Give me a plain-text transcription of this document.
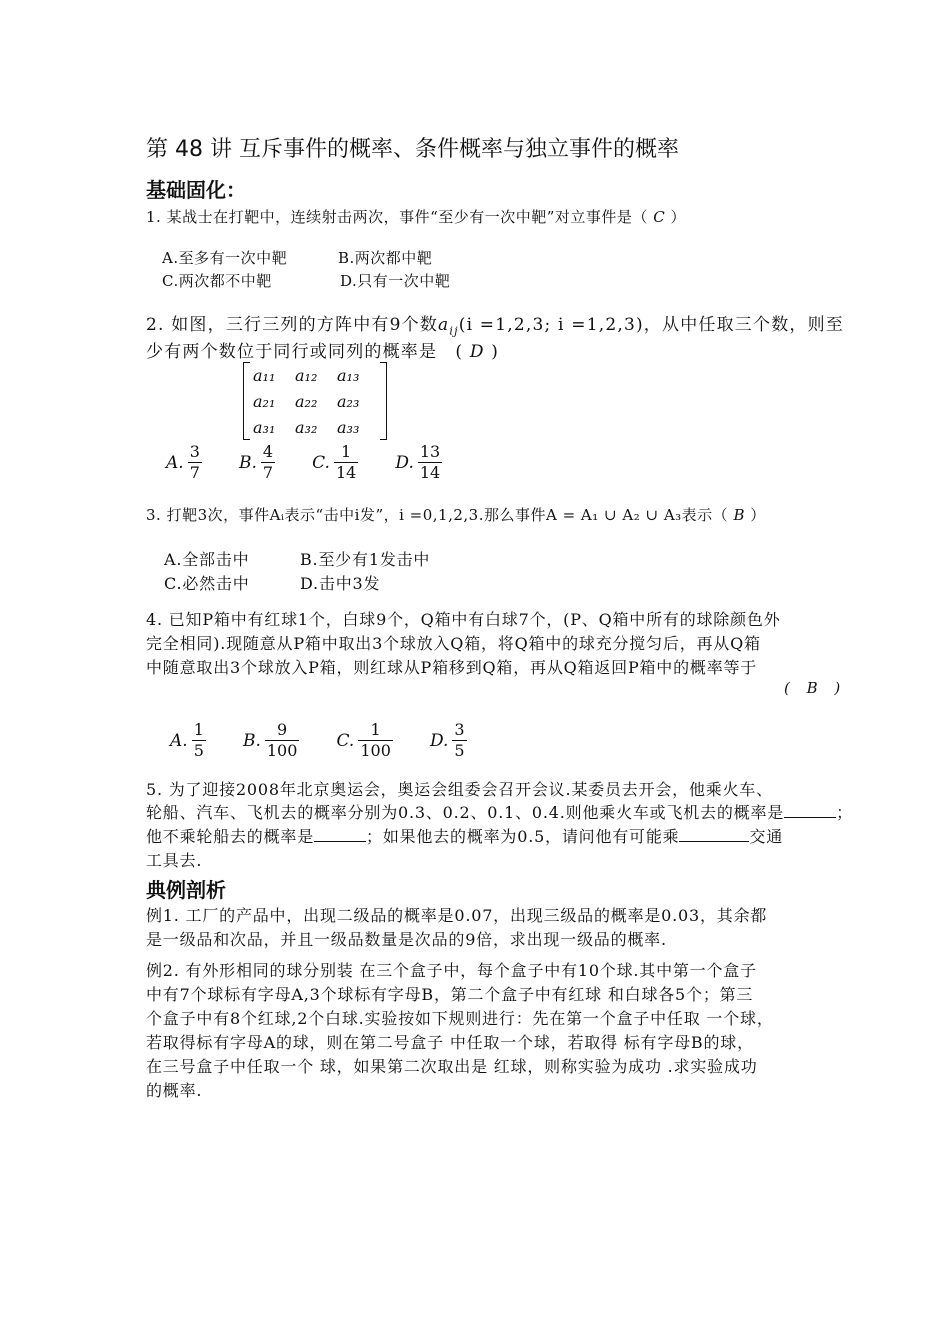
第 48 讲 互斥事件的概率、条件概率与独立事件的概率
基础固化：
1. 某战士在打靶中，连续射击两次，事件“至少有一次中靶”对立事件是（ C ）
A.至多有一次中靶	B.两次都中靶
C.两次都不中靶	D.只有一次中靶
2. 如图，三行三列的方阵中有9个数$a_{ij}(i =1,2,3$; i =1,2,3)，从中任取三个数，则至
少有两个数位于同行或同列的概率是　( D )
a₁₁	a₁₂	a₁₃
a₂₁	a₂₂	a₂₃
a₃₁	a₃₂	a₃₃
A. $\frac{3}{7}$
B. $\frac{4}{7}$
C. $\frac{1}{14}$
D. $\frac{13}{14}$
3. 打靶3次，事件Aᵢ表示“击中i发”，i =0,1,2,3.那么事件A = A₁ ∪ A₂ ∪ A₃表示（ B ）
A.全部击中	B.至少有1发击中
C.必然击中	D.击中3发
4. 已知P箱中有红球1个，白球9个，Q箱中有白球7个，(P、Q箱中所有的球除颜色外
完全相同).现随意从P箱中取出3个球放入Q箱，将Q箱中的球充分搅匀后，再从Q箱
中随意取出3个球放入P箱，则红球从P箱移到Q箱，再从Q箱返回P箱中的概率等于
( B )
A. $\frac{1}{5}$
B. $\frac{9}{100}$
C. $\frac{1}{100}$
D. $\frac{3}{5}$
5. 为了迎接2008年北京奥运会，奥运会组委会召开会议.某委员去开会，他乘火车、
轮船、汽车、飞机去的概率分别为0.3、0.2、0.1、0.4.则他乘火车或飞机去的概率是	；
他不乘轮船去的概率是	；如果他去的概率为0.5，请问他有可能乘	交通
工具去.
典例剖析
例1. 工厂的产品中，出现二级品的概率是0.07，出现三级品的概率是0.03，其余都
是一级品和次品，并且一级品数量是次品的9倍，求出现一级品的概率.
例2. 有外形相同的球分别装 在三个盒子中，每个盒子中有10个球.其中第一个盒子
中有7个球标有字母A,3个球标有字母B，第二个盒子中有红球 和白球各5个；第三
个盒子中有8个红球,2个白球.实验按如下规则进行：先在第一个盒子中任取 一个球，
若取得标有字母A的球，则在第二号盒子 中任取一个球，若取得 标有字母B的球，
在三号盒子中任取一个 球，如果第二次取出是 红球，则称实验为成功 .求实验成功
的概率.
